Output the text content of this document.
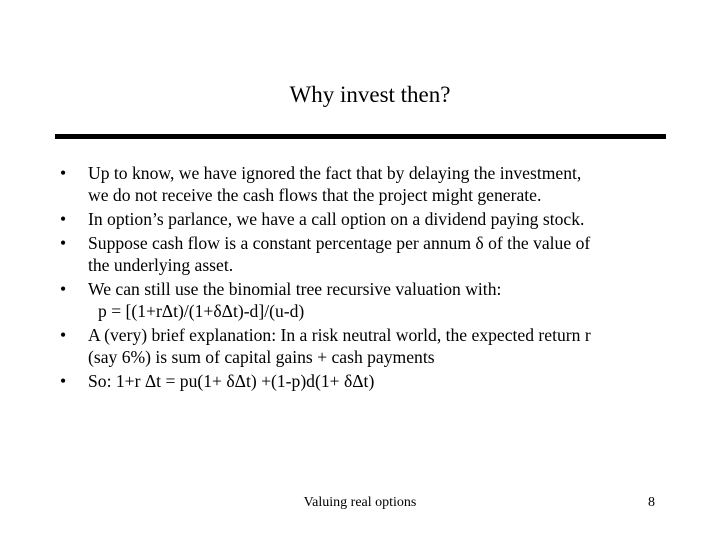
Why invest then?
•	Up to know, we have ignored the fact that by delaying the investment,
we do not receive the cash flows that the project might generate.
•	In option’s parlance, we have a call option on a dividend paying stock.
•	Suppose cash flow is a constant percentage per annum δ of the value of
the underlying asset.
•	We can still use the binomial tree recursive valuation with:
p = [(1+rΔt)/(1+δΔt)-d]/(u-d)
•	A (very) brief explanation: In a risk neutral world, the expected return r
(say 6%) is sum of capital gains + cash payments
•	So: 1+r Δt = pu(1+ δΔt) +(1-p)d(1+ δΔt)
Valuing real options	8
